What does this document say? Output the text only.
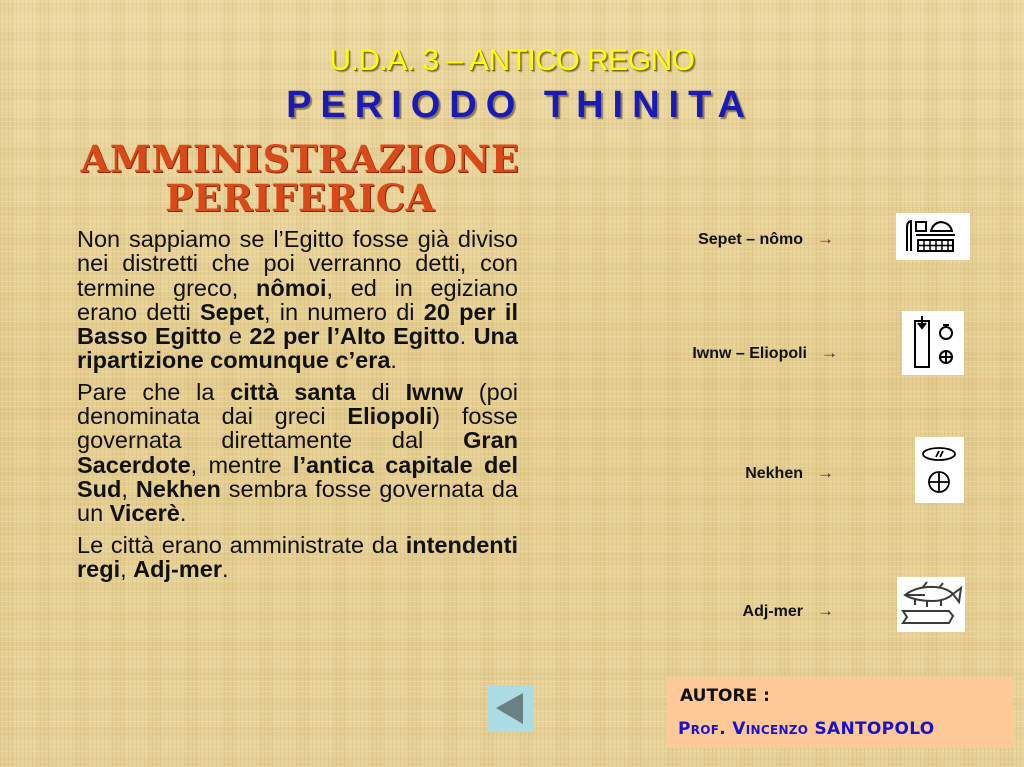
U.D.A. 3 – ANTICO REGNO
PERIODO THINITA
AMMINISTRAZIONE
PERIFERICA

Non sappiamo se l’Egitto fosse già diviso nei distretti che poi verranno detti, con termine greco, nômoi, ed in egiziano erano detti Sepet, in numero di 20 per il Basso Egitto e 22 per l’Alto Egitto. Una ripartizione comunque c’era.

Pare che la città santa di Iwnw (poi denominata dai greci Eliopoli) fosse governata direttamente dal Gran Sacerdote, mentre l’antica capitale del Sud, Nekhen sembra fosse governata da un Vicerè.

Le città erano amministrate da intendenti regi, Adj-mer.

Sepet – nômo →
Iwnw – Eliopoli →
Nekhen →
Adj-mer →
AUTORE :
Prof. Vincenzo SANTOPOLO
